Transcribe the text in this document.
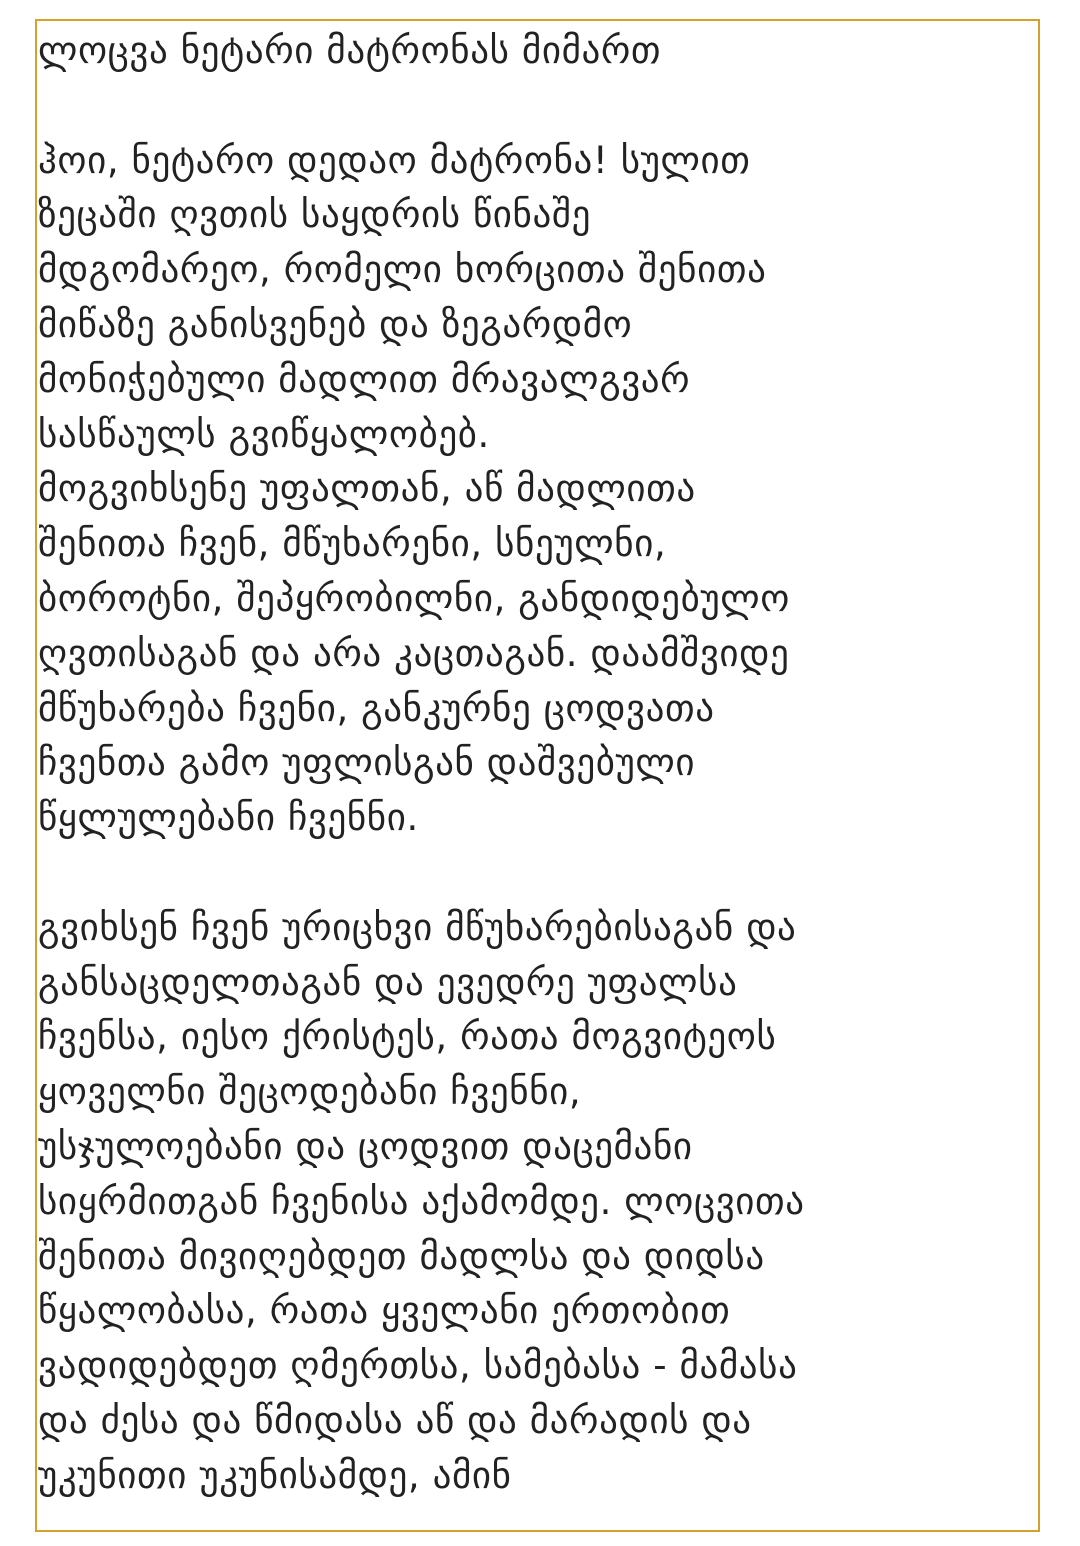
ლოცვა ნეტარი მატრონას მიმართ
ჰოი, ნეტარო დედაო მატრონა! სულით
ზეცაში ღვთის საყდრის წინაშე
მდგომარეო, რომელი ხორცითა შენითა
მიწაზე განისვენებ და ზეგარდმო
მონიჭებული მადლით მრავალგვარ
სასწაულს გვიწყალობებ.
მოგვიხსენე უფალთან, აწ მადლითა
შენითა ჩვენ, მწუხარენი, სნეულნი,
ბოროტნი, შეპყრობილნი, განდიდებულო
ღვთისაგან და არა კაცთაგან. დაამშვიდე
მწუხარება ჩვენი, განკურნე ცოდვათა
ჩვენთა გამო უფლისგან დაშვებული
წყლულებანი ჩვენნი.
გვიხსენ ჩვენ ურიცხვი მწუხარებისაგან და
განსაცდელთაგან და ევედრე უფალსა
ჩვენსა, იესო ქრისტეს, რათა მოგვიტეოს
ყოველნი შეცოდებანი ჩვენნი,
უსჯულოებანი და ცოდვით დაცემანი
სიყრმითგან ჩვენისა აქამომდე. ლოცვითა
შენითა მივიღებდეთ მადლსა და დიდსა
წყალობასა, რათა ყველანი ერთობით
ვადიდებდეთ ღმერთსა, სამებასა - მამასა
და ძესა და წმიდასა აწ და მარადის და
უკუნითი უკუნისამდე, ამინ
